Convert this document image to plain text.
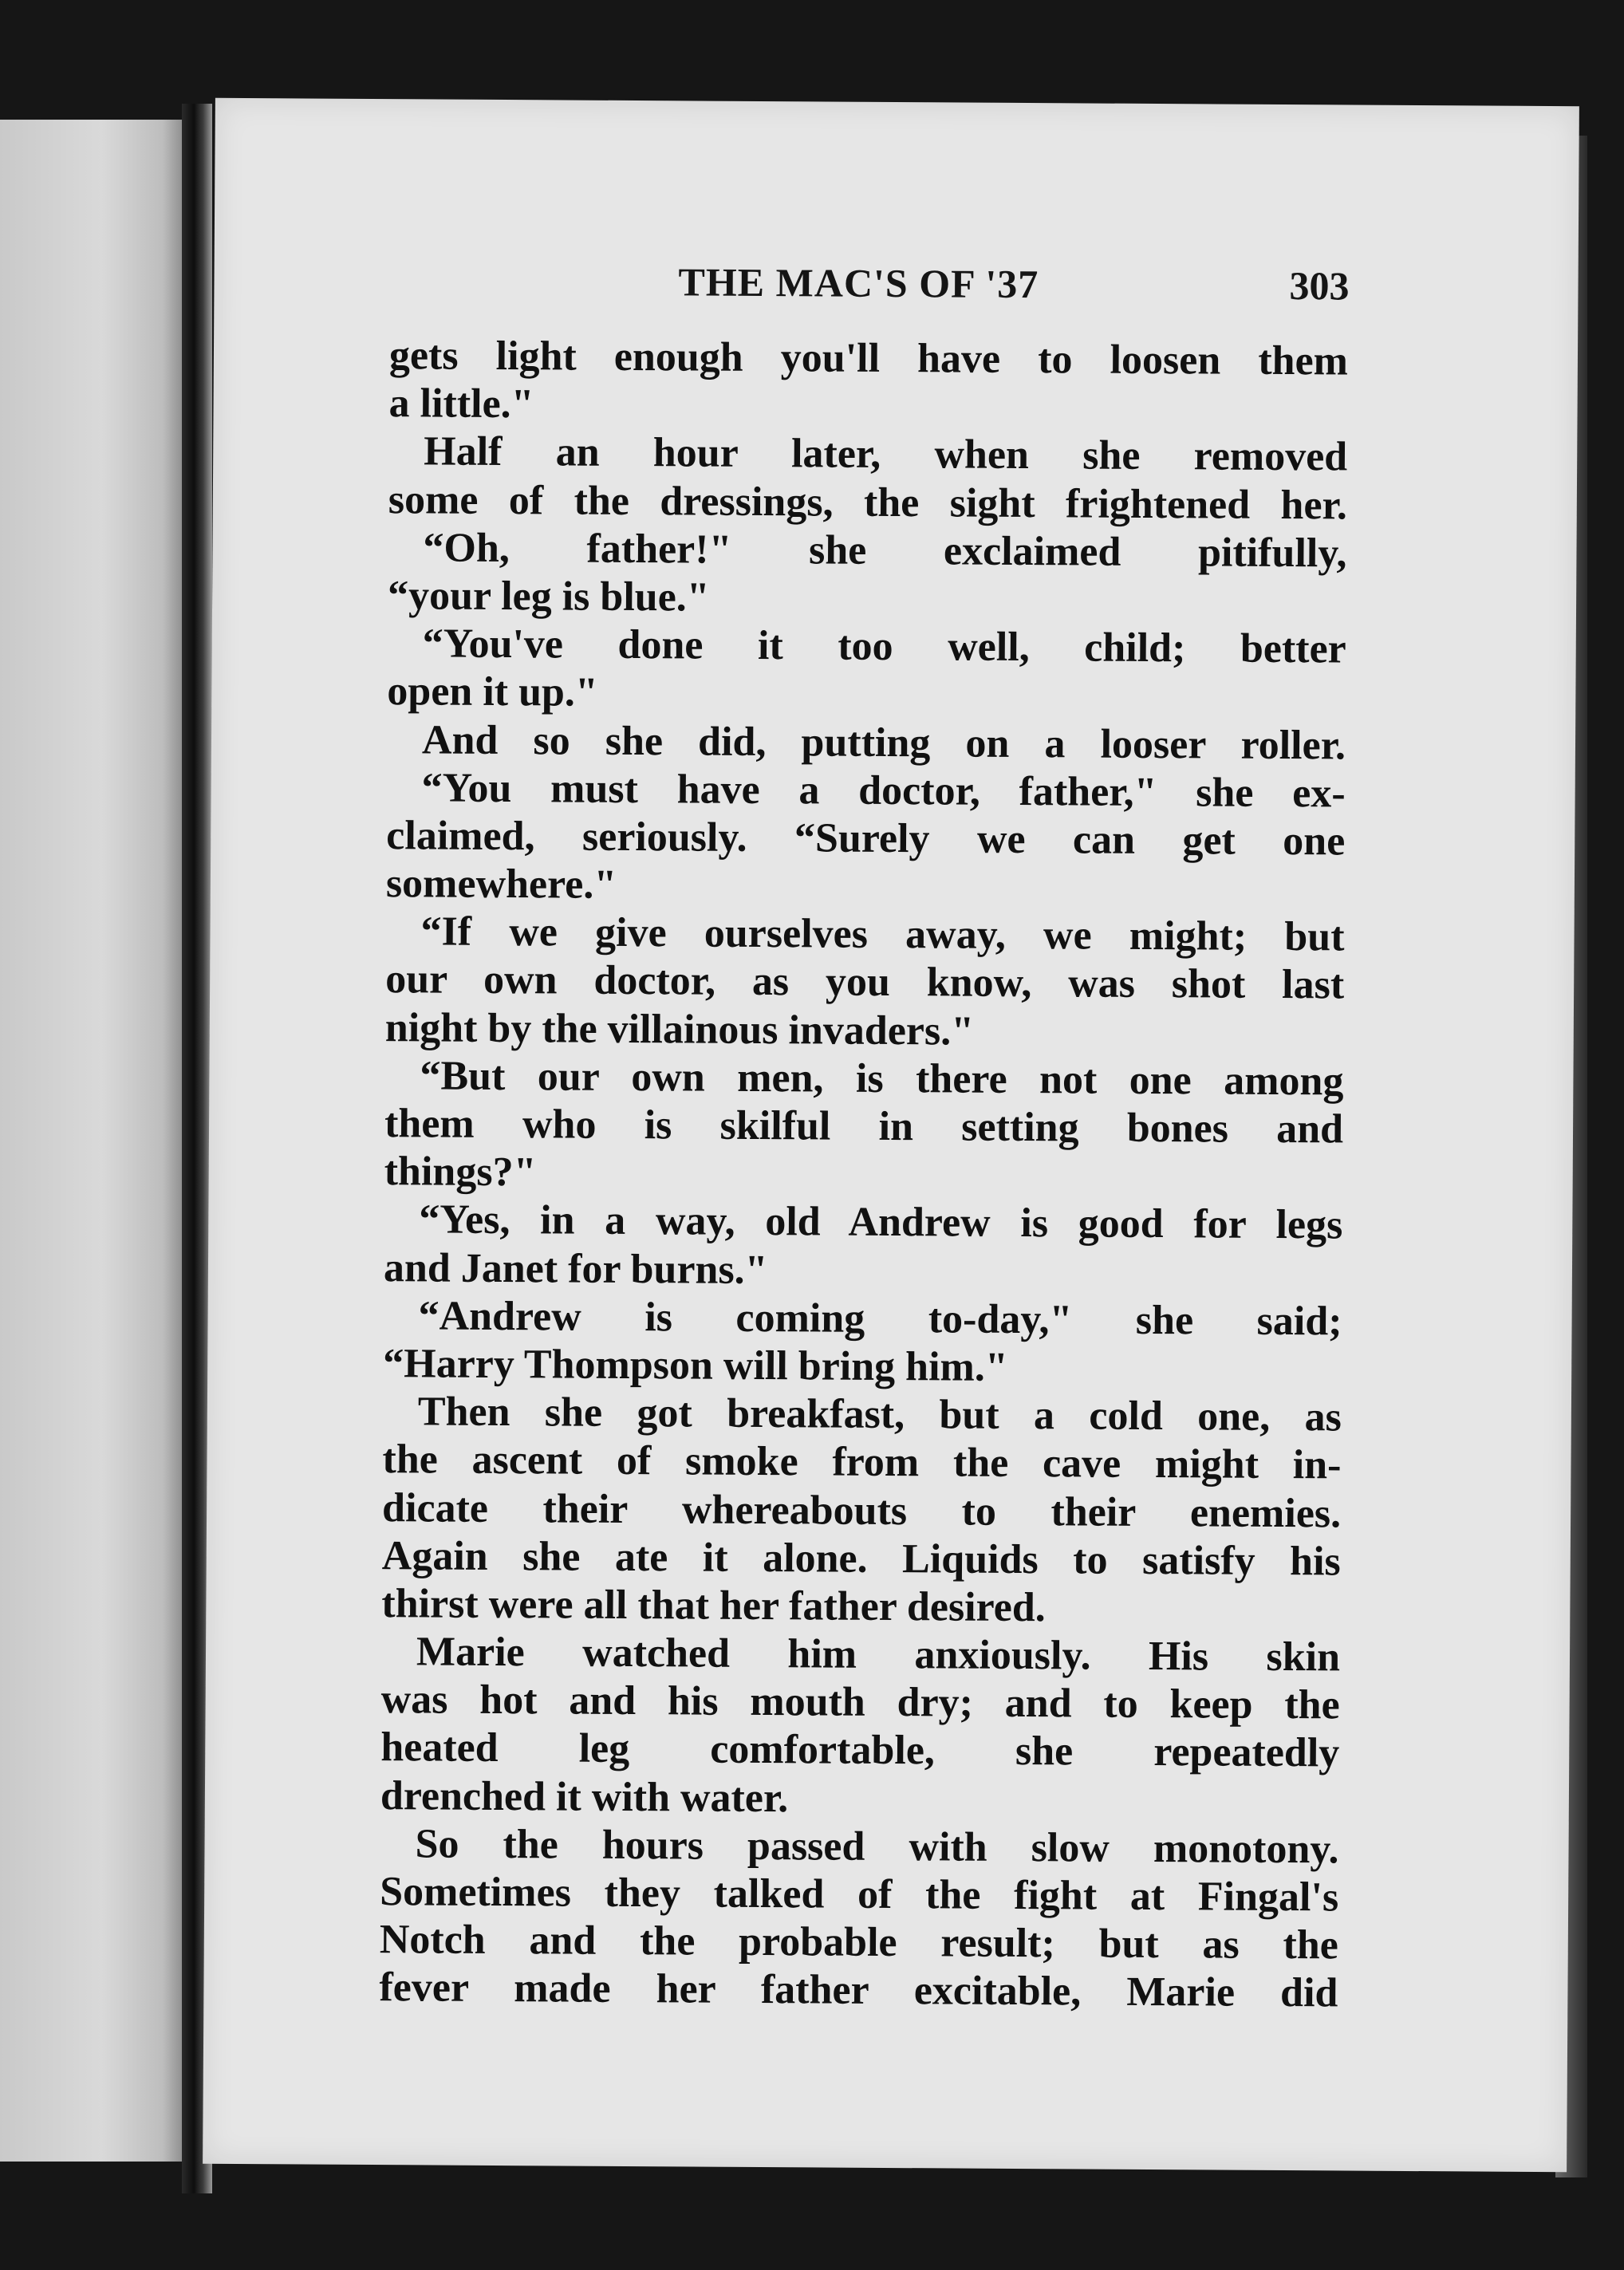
THE MAC'S OF '37	303
gets light enough you'll have to loosen them
a little."
Half an hour later, when she removed
some of the dressings, the sight frightened her.
“Oh, father!" she exclaimed pitifully,
“your leg is blue."
“You've done it too well, child; better
open it up."
And so she did, putting on a looser roller.
“You must have a doctor, father," she ex-
claimed, seriously. “Surely we can get one
somewhere."
“If we give ourselves away, we might; but
our own doctor, as you know, was shot last
night by the villainous invaders."
“But our own men, is there not one among
them who is skilful in setting bones and
things?"
“Yes, in a way, old Andrew is good for legs
and Janet for burns."
“Andrew is coming to-day," she said;
“Harry Thompson will bring him."
Then she got breakfast, but a cold one, as
the ascent of smoke from the cave might in-
dicate their whereabouts to their enemies.
Again she ate it alone. Liquids to satisfy his
thirst were all that her father desired.
Marie watched him anxiously. His skin
was hot and his mouth dry; and to keep the
heated leg comfortable, she repeatedly
drenched it with water.
So the hours passed with slow monotony.
Sometimes they talked of the fight at Fingal's
Notch and the probable result; but as the
fever made her father excitable, Marie did
